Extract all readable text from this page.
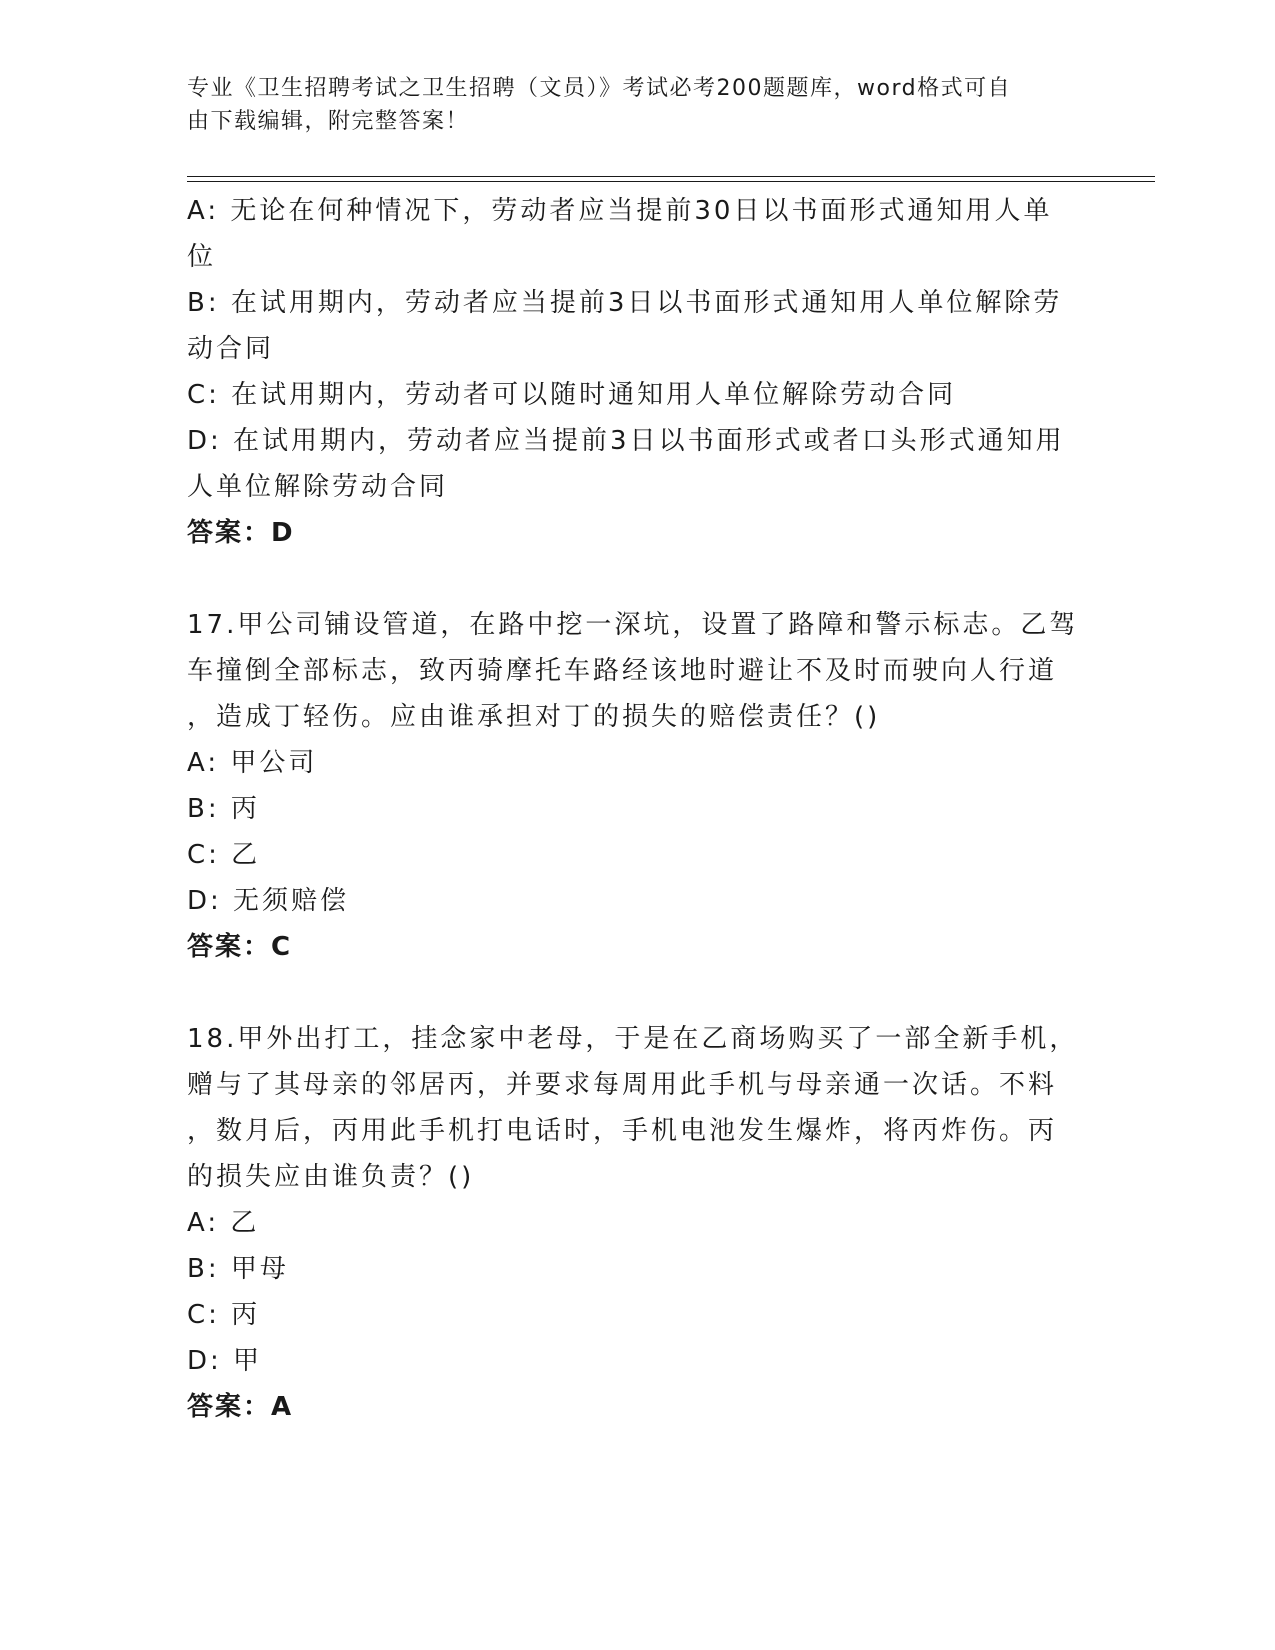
专业《卫生招聘考试之卫生招聘（文员）》考试必考200题题库，word格式可自
由下载编辑，附完整答案！

A: 无论在何种情况下，劳动者应当提前30日以书面形式通知用人单

位

B: 在试用期内，劳动者应当提前3日以书面形式通知用人单位解除劳

动合同

C: 在试用期内，劳动者可以随时通知用人单位解除劳动合同

D: 在试用期内，劳动者应当提前3日以书面形式或者口头形式通知用

人单位解除劳动合同

答案：D

17.甲公司铺设管道，在路中挖一深坑，设置了路障和警示标志。乙驾

车撞倒全部标志，致丙骑摩托车路经该地时避让不及时而驶向人行道

，造成丁轻伤。应由谁承担对丁的损失的赔偿责任？()

A: 甲公司

B: 丙

C: 乙

D: 无须赔偿

答案：C

18.甲外出打工，挂念家中老母，于是在乙商场购买了一部全新手机，

赠与了其母亲的邻居丙，并要求每周用此手机与母亲通一次话。不料

，数月后，丙用此手机打电话时，手机电池发生爆炸，将丙炸伤。丙

的损失应由谁负责？()

A: 乙

B: 甲母

C: 丙

D: 甲

答案：A
